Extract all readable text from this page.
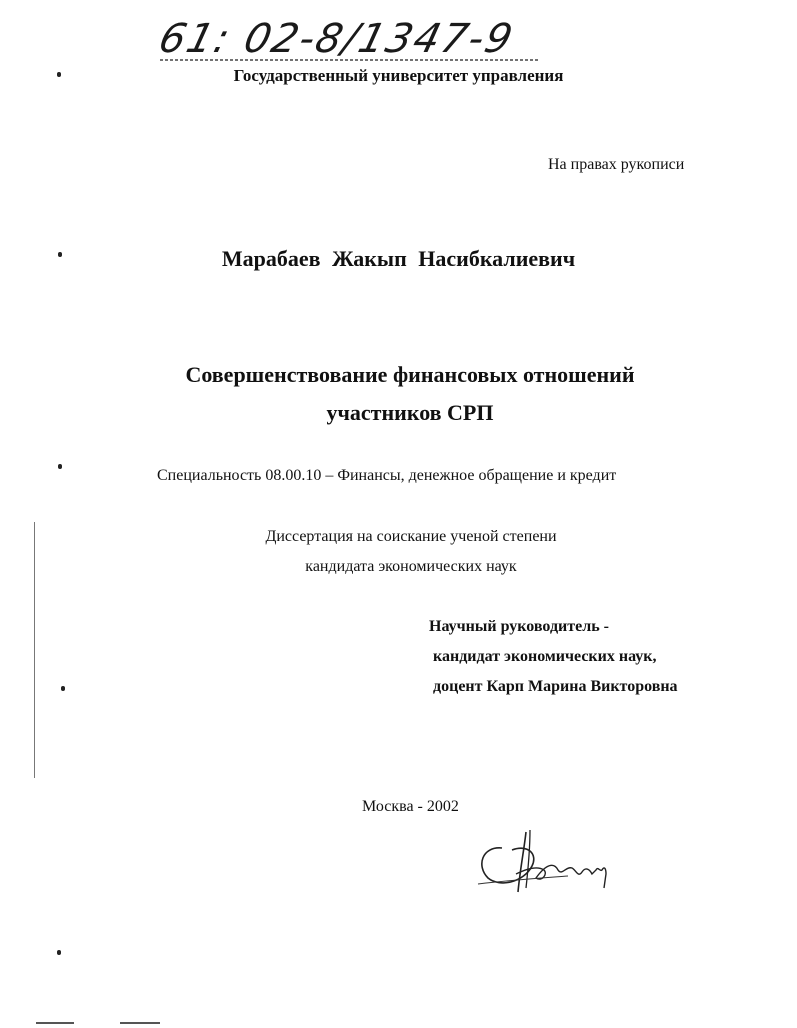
61: 02-8/1347-9
Государственный университет управления
На правах рукописи
Марабаев Жакып Насибкалиевич
Совершенствование финансовых отношений
участников СРП
Специальность 08.00.10 – Финансы, денежное обращение и кредит
Диссертация на соискание ученой степени
кандидата экономических наук
Научный руководитель -
кандидат экономических наук,
доцент Карп Марина Викторовна
Москва - 2002
